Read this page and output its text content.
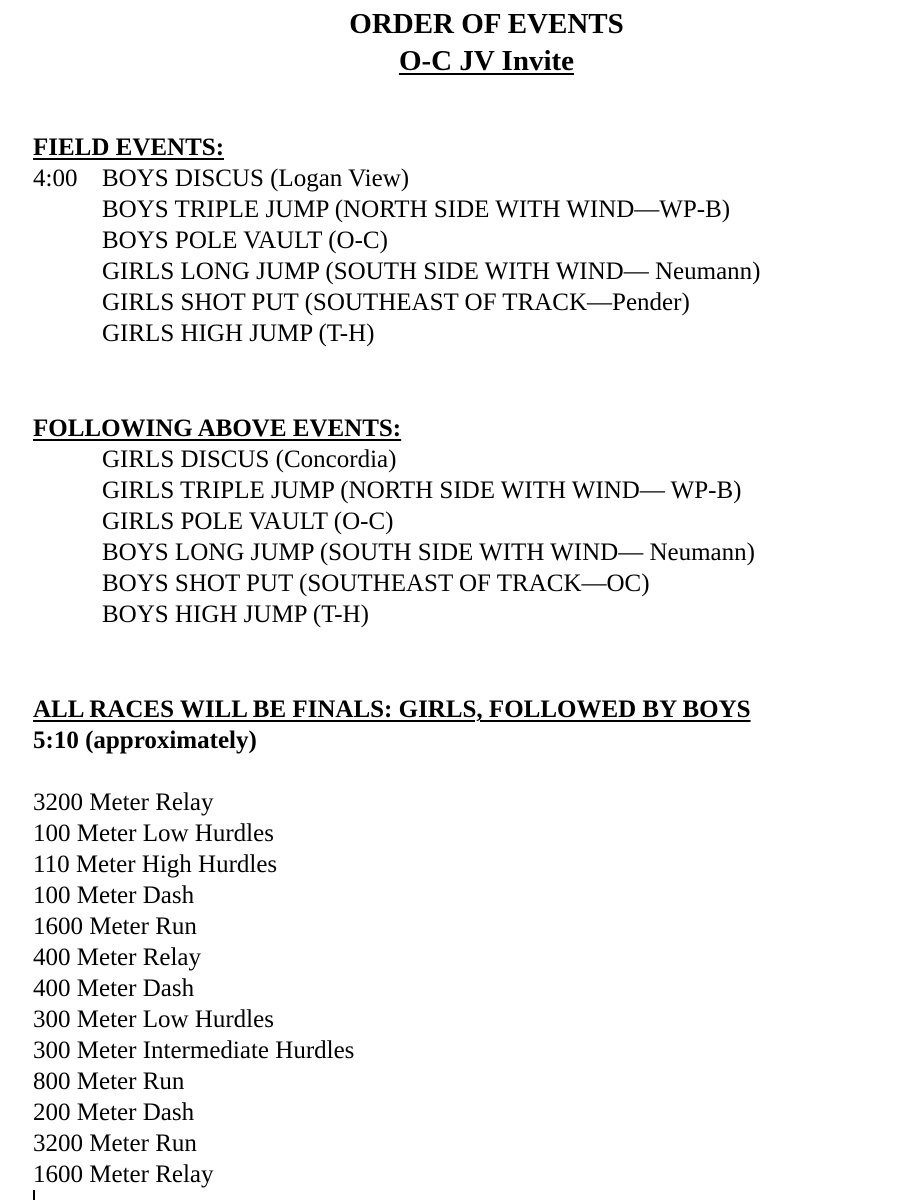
ORDER OF EVENTS
O-C JV Invite
FIELD EVENTS:
4:00 BOYS DISCUS (Logan View)
BOYS TRIPLE JUMP (NORTH SIDE WITH WIND—WP-B)
BOYS POLE VAULT (O-C)
GIRLS LONG JUMP (SOUTH SIDE WITH WIND— Neumann)
GIRLS SHOT PUT (SOUTHEAST OF TRACK—Pender)
GIRLS HIGH JUMP (T-H)
FOLLOWING ABOVE EVENTS:
GIRLS DISCUS (Concordia)
GIRLS TRIPLE JUMP (NORTH SIDE WITH WIND— WP-B)
GIRLS POLE VAULT (O-C)
BOYS LONG JUMP (SOUTH SIDE WITH WIND— Neumann)
BOYS SHOT PUT (SOUTHEAST OF TRACK—OC)
BOYS HIGH JUMP (T-H)
ALL RACES WILL BE FINALS: GIRLS, FOLLOWED BY BOYS
5:10 (approximately)
3200 Meter Relay
100 Meter Low Hurdles
110 Meter High Hurdles
100 Meter Dash
1600 Meter Run
400 Meter Relay
400 Meter Dash
300 Meter Low Hurdles
300 Meter Intermediate Hurdles
800 Meter Run
200 Meter Dash
3200 Meter Run
1600 Meter Relay
